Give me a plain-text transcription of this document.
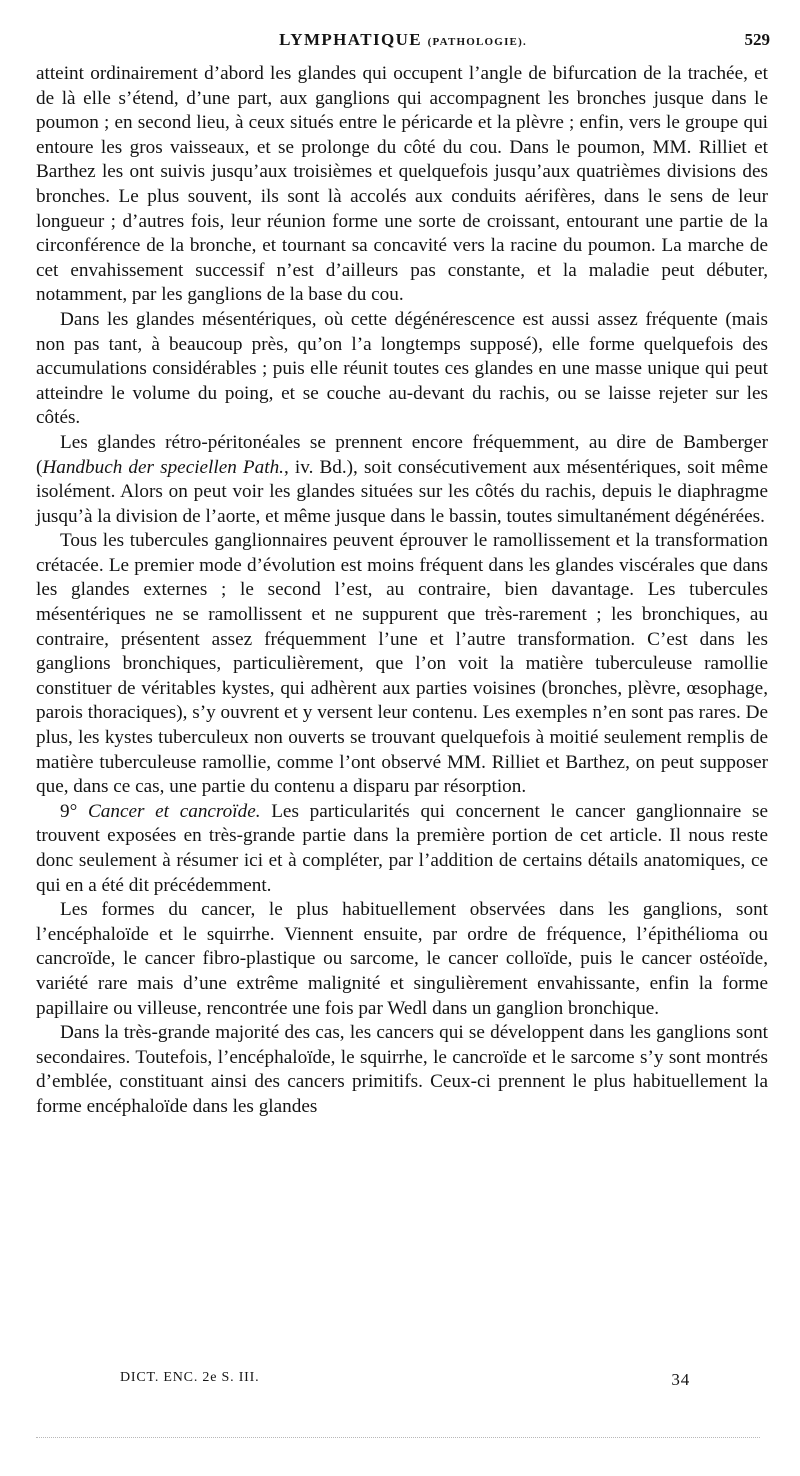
LYMPHATIQUE (PATHOLOGIE).	529

atteint ordinairement d’abord les glandes qui occupent l’angle de bifurcation de la trachée, et de là elle s’étend, d’une part, aux ganglions qui accompagnent les bronches jusque dans le poumon ; en second lieu, à ceux situés entre le péricarde et la plèvre ; enfin, vers le groupe qui entoure les gros vaisseaux, et se prolonge du côté du cou. Dans le poumon, MM. Rilliet et Barthez les ont suivis jusqu’aux troisièmes et quelquefois jusqu’aux quatrièmes divisions des bronches. Le plus souvent, ils sont là accolés aux conduits aérifères, dans le sens de leur longueur ; d’autres fois, leur réunion forme une sorte de croissant, entourant une partie de la circonférence de la bronche, et tournant sa concavité vers la racine du poumon. La marche de cet envahissement successif n’est d’ailleurs pas constante, et la maladie peut débuter, notamment, par les ganglions de la base du cou.

Dans les glandes mésentériques, où cette dégénérescence est aussi assez fréquente (mais non pas tant, à beaucoup près, qu’on l’a longtemps supposé), elle forme quelquefois des accumulations considérables ; puis elle réunit toutes ces glandes en une masse unique qui peut atteindre le volume du poing, et se couche au-devant du rachis, ou se laisse rejeter sur les côtés.

Les glandes rétro-péritonéales se prennent encore fréquemment, au dire de Bamberger (Handbuch der speciellen Path., iv. Bd.), soit consécutivement aux mésentériques, soit même isolément. Alors on peut voir les glandes situées sur les côtés du rachis, depuis le diaphragme jusqu’à la division de l’aorte, et même jusque dans le bassin, toutes simultanément dégénérées.

Tous les tubercules ganglionnaires peuvent éprouver le ramollissement et la transformation crétacée. Le premier mode d’évolution est moins fréquent dans les glandes viscérales que dans les glandes externes ; le second l’est, au contraire, bien davantage. Les tubercules mésentériques ne se ramollissent et ne suppurent que très-rarement ; les bronchiques, au contraire, présentent assez fréquemment l’une et l’autre transformation. C’est dans les ganglions bronchiques, particulièrement, que l’on voit la matière tuberculeuse ramollie constituer de véritables kystes, qui adhèrent aux parties voisines (bronches, plèvre, œsophage, parois thoraciques), s’y ouvrent et y versent leur contenu. Les exemples n’en sont pas rares. De plus, les kystes tuberculeux non ouverts se trouvant quelquefois à moitié seulement remplis de matière tuberculeuse ramollie, comme l’ont observé MM. Rilliet et Barthez, on peut supposer que, dans ce cas, une partie du contenu a disparu par résorption.

9° Cancer et cancroïde. Les particularités qui concernent le cancer ganglionnaire se trouvent exposées en très-grande partie dans la première portion de cet article. Il nous reste donc seulement à résumer ici et à compléter, par l’addition de certains détails anatomiques, ce qui en a été dit précédemment.

Les formes du cancer, le plus habituellement observées dans les ganglions, sont l’encéphaloïde et le squirrhe. Viennent ensuite, par ordre de fréquence, l’épithélioma ou cancroïde, le cancer fibro-plastique ou sarcome, le cancer colloïde, puis le cancer ostéoïde, variété rare mais d’une extrême malignité et singulièrement envahissante, enfin la forme papillaire ou villeuse, rencontrée une fois par Wedl dans un ganglion bronchique.

Dans la très-grande majorité des cas, les cancers qui se développent dans les ganglions sont secondaires. Toutefois, l’encéphaloïde, le squirrhe, le cancroïde et le sarcome s’y sont montrés d’emblée, constituant ainsi des cancers primitifs. Ceux-ci prennent le plus habituellement la forme encéphaloïde dans les glandes

DICT. ENC. 2e S. III.	34
